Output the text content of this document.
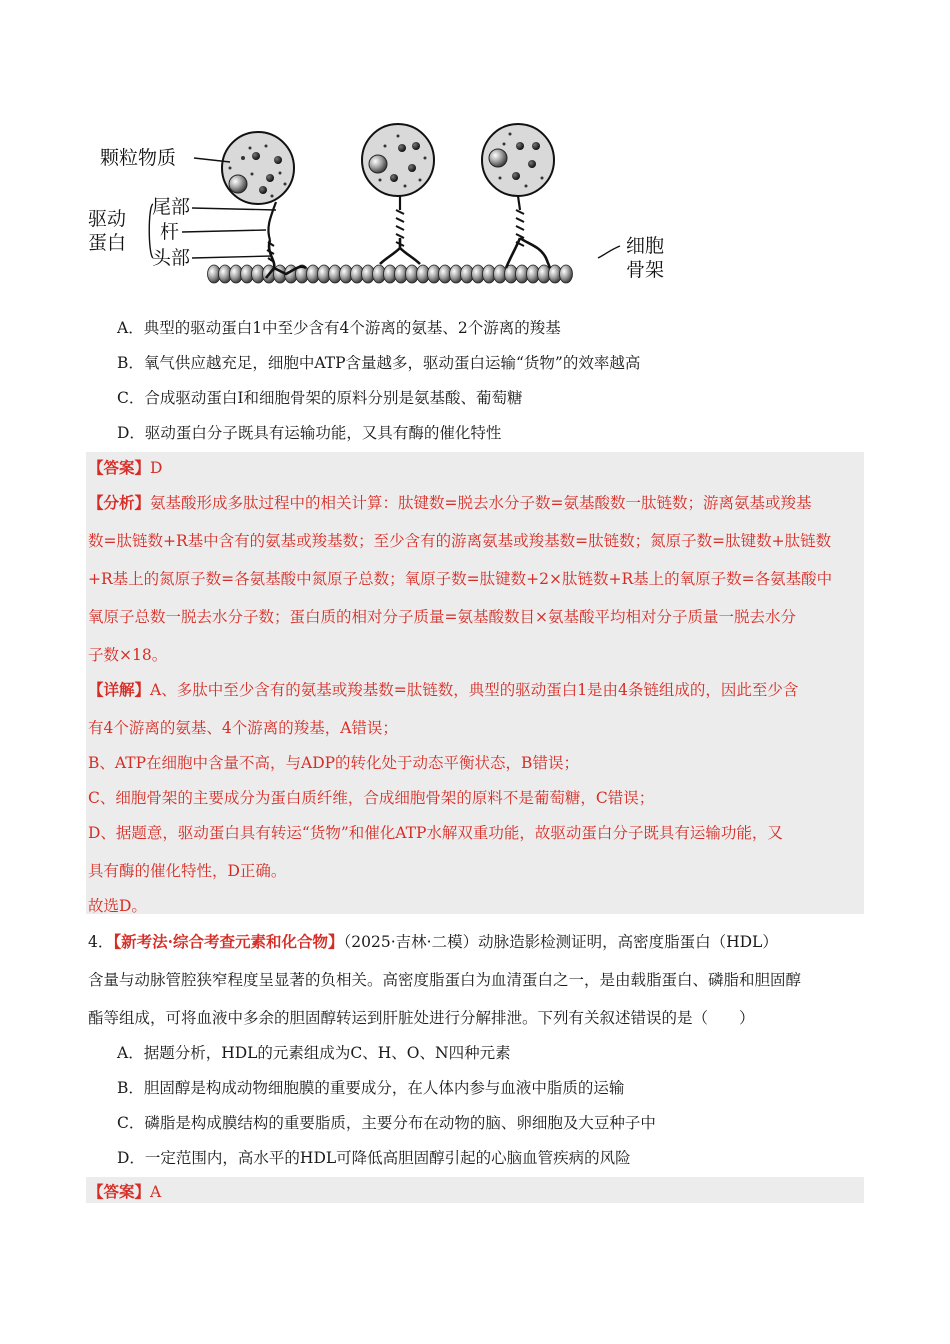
颗粒物质
驱动
蛋白
尾部
杆
头部
细胞
骨架
A．典型的驱动蛋白1中至少含有4个游离的氨基、2个游离的羧基
B．氧气供应越充足，细胞中ATP含量越多，驱动蛋白运输“货物”的效率越高
C．合成驱动蛋白Ⅰ和细胞骨架的原料分别是氨基酸、葡萄糖
D．驱动蛋白分子既具有运输功能，又具有酶的催化特性
【答案】D
【分析】氨基酸形成多肽过程中的相关计算：肽键数=脱去水分子数=氨基酸数一肽链数；游离氨基或羧基
数=肽链数+R基中含有的氨基或羧基数；至少含有的游离氨基或羧基数=肽链数；氮原子数=肽键数+肽链数
+R基上的氮原子数=各氨基酸中氮原子总数；氧原子数=肽键数+2×肽链数+R基上的氧原子数=各氨基酸中
氧原子总数一脱去水分子数；蛋白质的相对分子质量=氨基酸数目×氨基酸平均相对分子质量一脱去水分
子数×18。
【详解】A、多肽中至少含有的氨基或羧基数=肽链数，典型的驱动蛋白1是由4条链组成的，因此至少含
有4个游离的氨基、4个游离的羧基，A错误；
B、ATP在细胞中含量不高，与ADP的转化处于动态平衡状态，B错误；
C、细胞骨架的主要成分为蛋白质纤维，合成细胞骨架的原料不是葡萄糖，C错误；
D、据题意，驱动蛋白具有转运“货物”和催化ATP水解双重功能，故驱动蛋白分子既具有运输功能，又
具有酶的催化特性，D正确。
故选D。
4．【新考法·综合考查元素和化合物】（2025·吉林·二模）动脉造影检测证明，高密度脂蛋白（HDL）
含量与动脉管腔狭窄程度呈显著的负相关。高密度脂蛋白为血清蛋白之一，是由载脂蛋白、磷脂和胆固醇
酯等组成，可将血液中多余的胆固醇转运到肝脏处进行分解排泄。下列有关叙述错误的是（　　）
A．据题分析，HDL的元素组成为C、H、O、N四种元素
B．胆固醇是构成动物细胞膜的重要成分，在人体内参与血液中脂质的运输
C．磷脂是构成膜结构的重要脂质，主要分布在动物的脑、卵细胞及大豆种子中
D．一定范围内，高水平的HDL可降低高胆固醇引起的心脑血管疾病的风险
【答案】A
